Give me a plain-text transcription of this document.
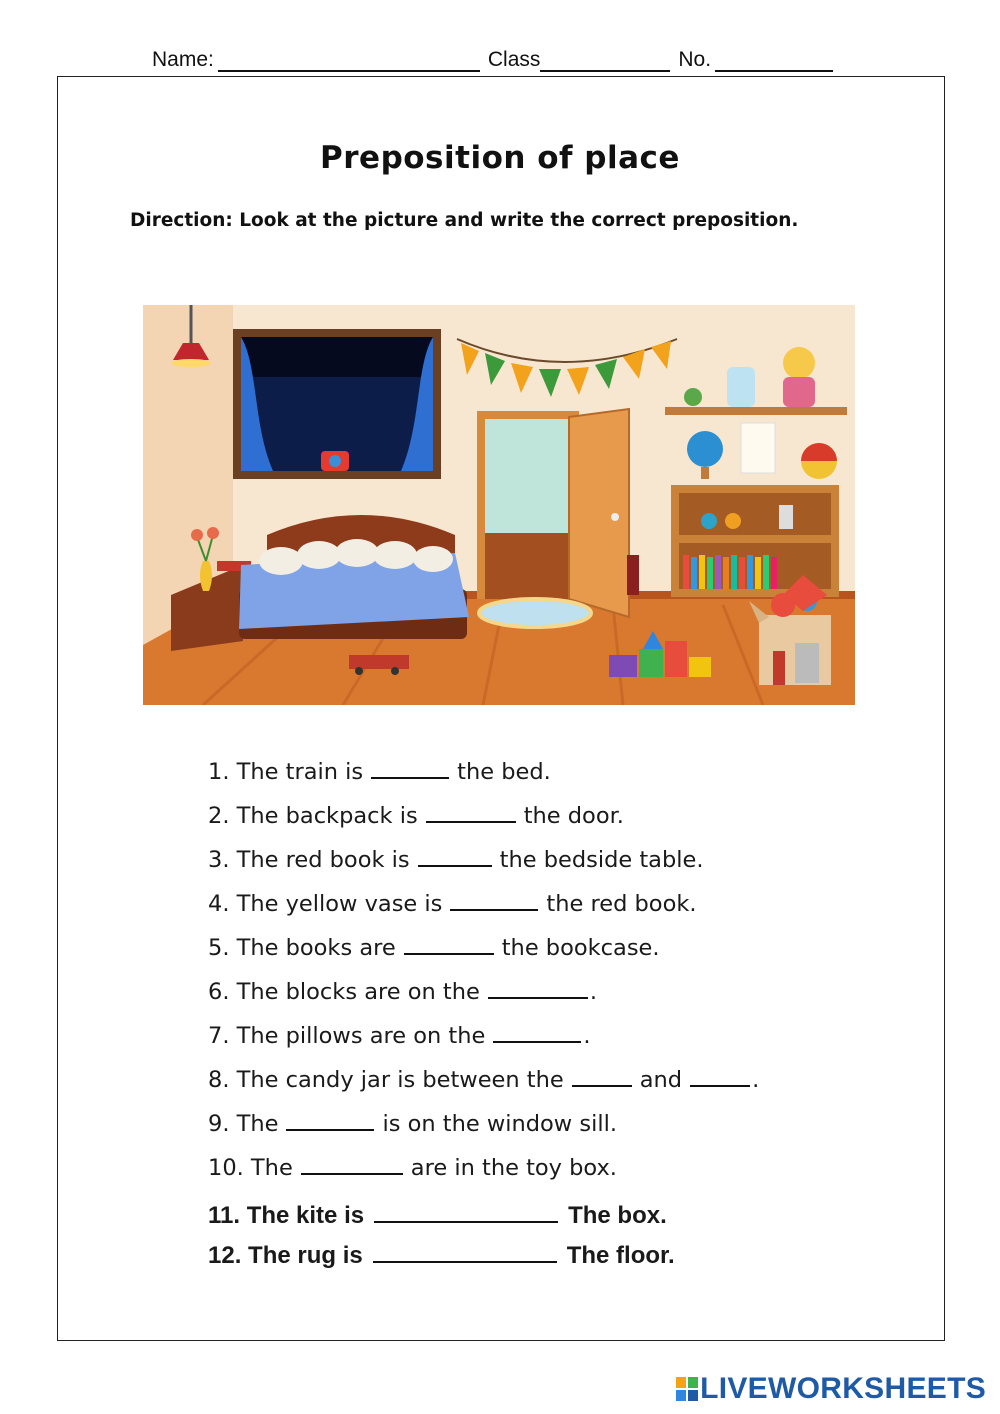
Name:	Class	No.
Preposition of place
Direction: Look at the picture and write the correct preposition.
1. The train is	the bed.
2. The backpack is	the door.
3. The red book is	the bedside table.
4. The yellow vase is	the red book.
5. The books are	the bookcase.
6. The blocks are on the	.
7. The pillows are on the	.
8. The candy jar is between the	and	.
9. The	is on the window sill.
10. The	are in the toy box.
11. The kite is	The box.
12. The rug is	The floor.
LIVEWORKSHEETS
